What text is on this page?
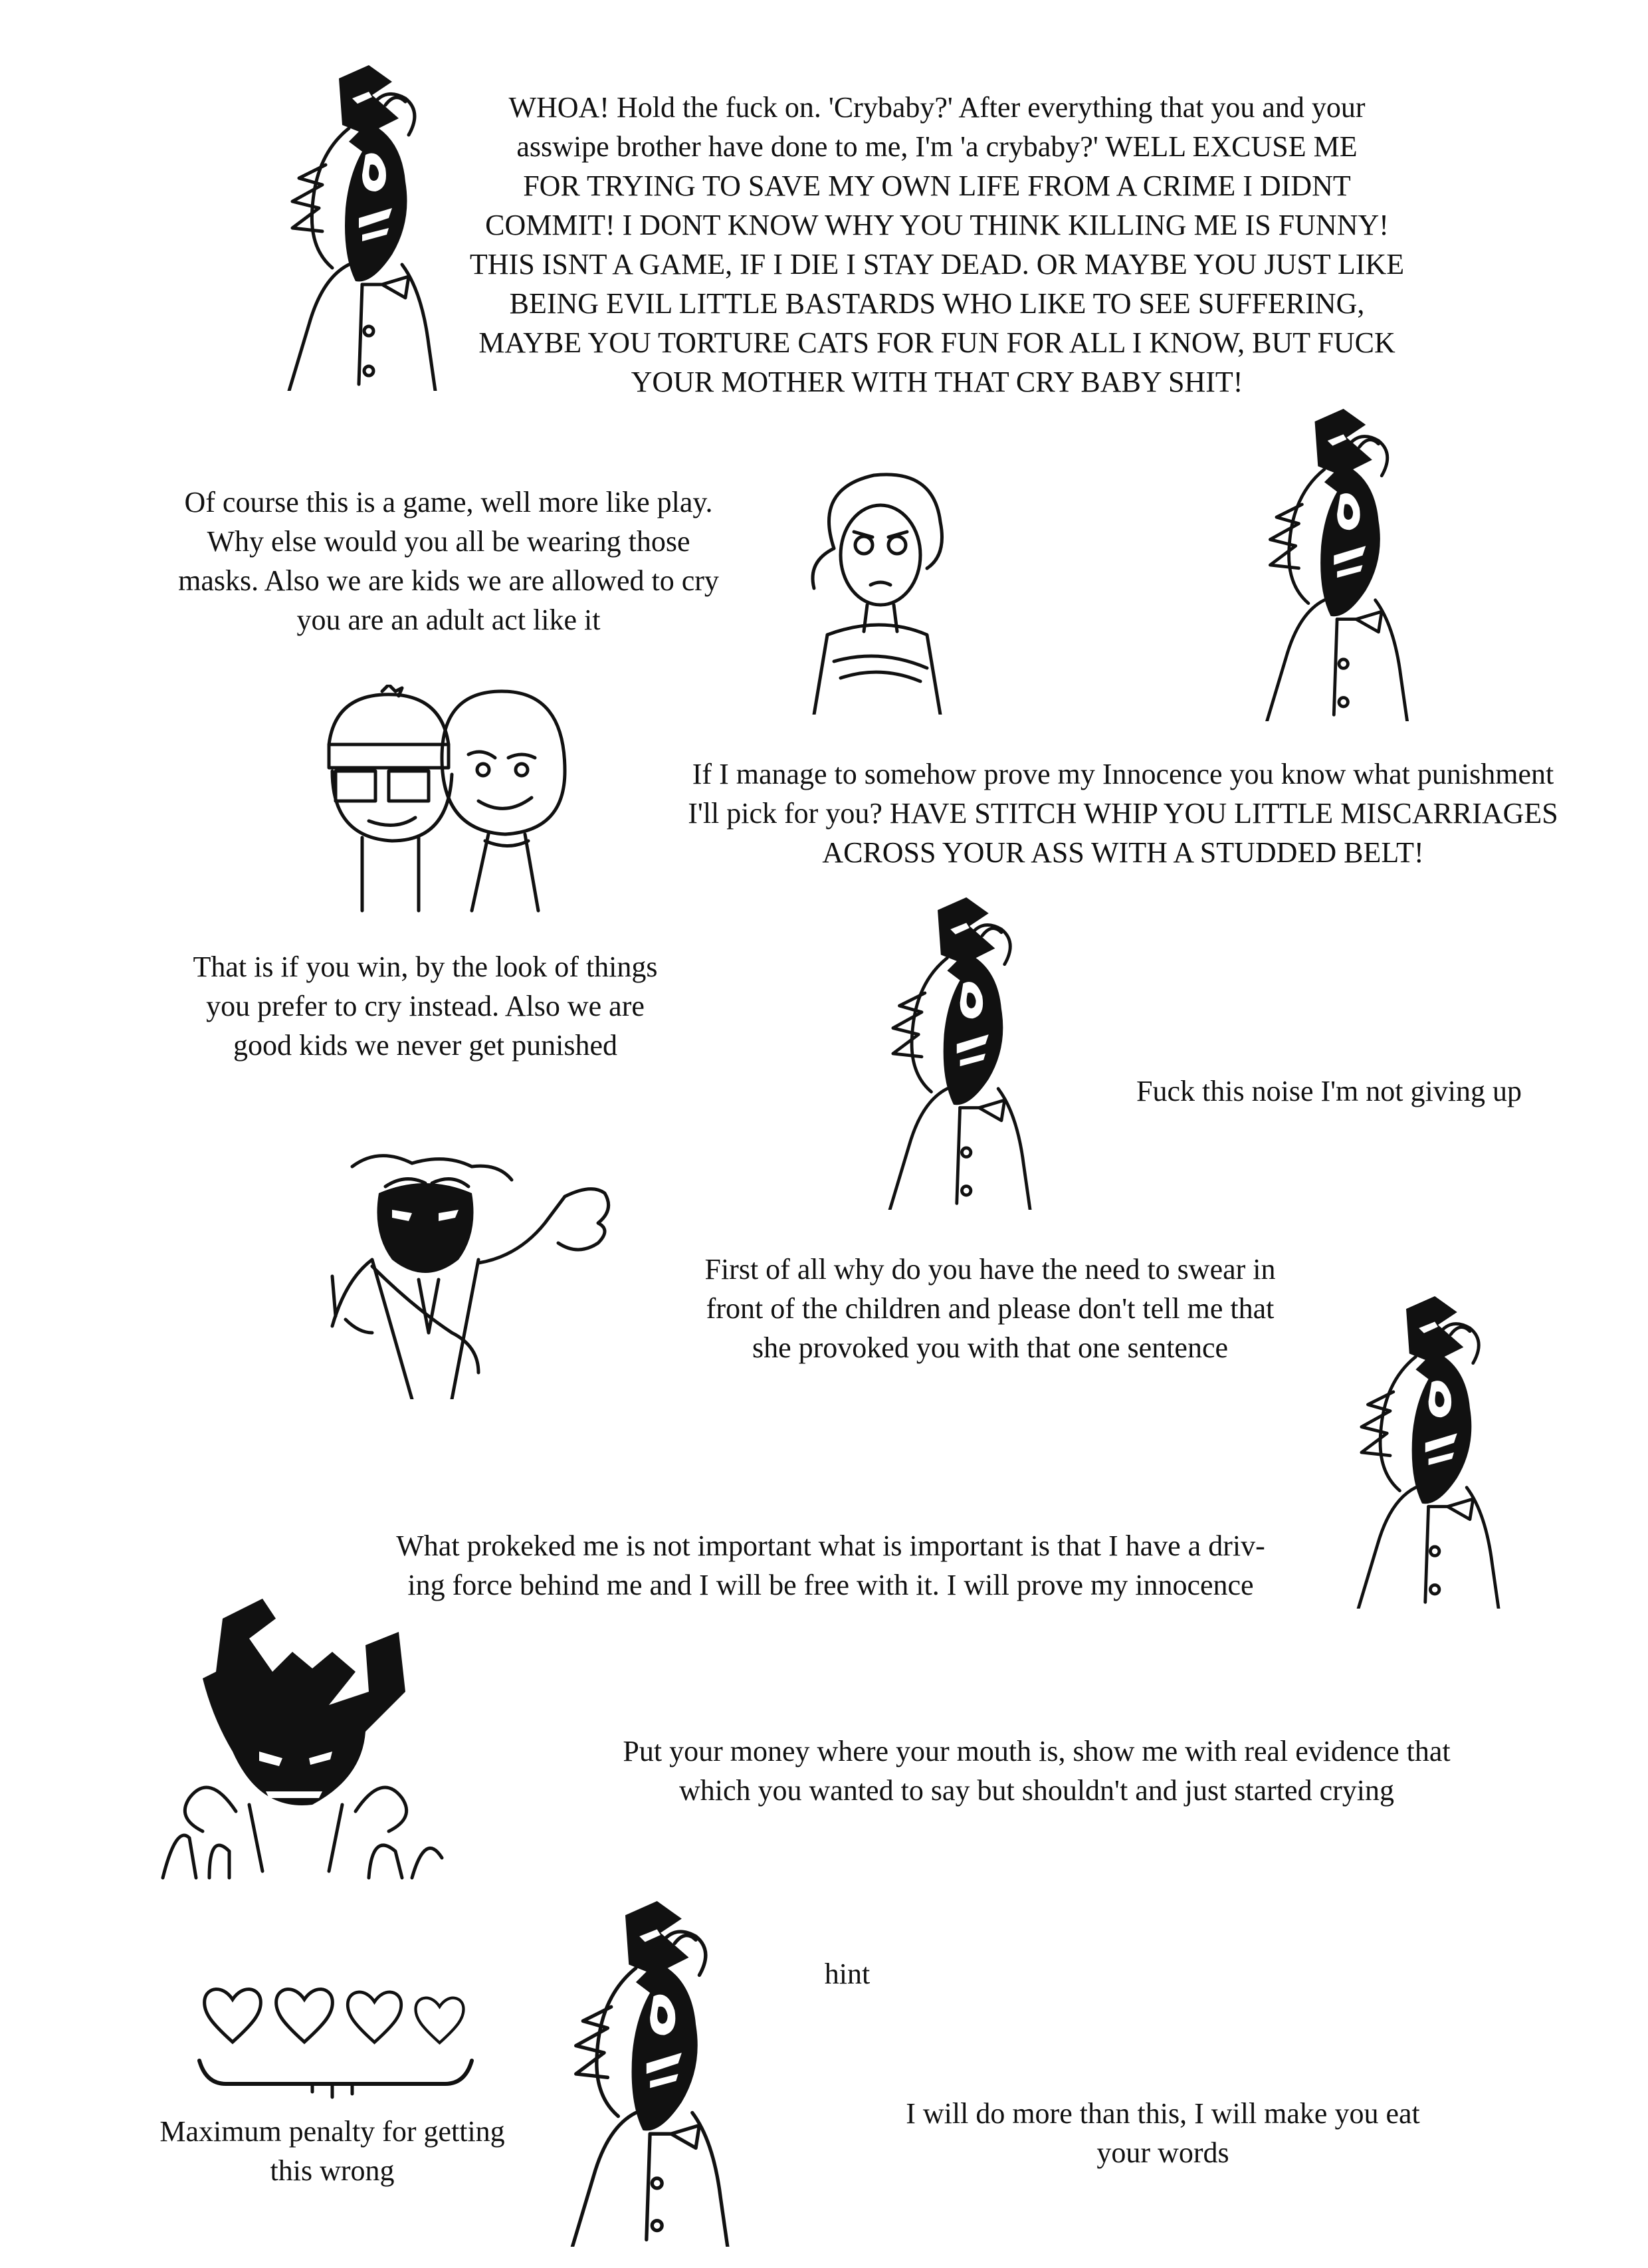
WHOA! Hold the fuck on. 'Crybaby?' After everything that you and your
asswipe brother have done to me, I'm 'a crybaby?' WELL EXCUSE ME
FOR TRYING TO SAVE MY OWN LIFE FROM A CRIME I DIDNT
COMMIT! I DONT KNOW WHY YOU THINK KILLING ME IS FUNNY!
THIS ISNT A GAME, IF I DIE I STAY DEAD. OR MAYBE YOU JUST LIKE
BEING EVIL LITTLE BASTARDS WHO LIKE TO SEE SUFFERING,
MAYBE YOU TORTURE CATS FOR FUN FOR ALL I KNOW, BUT FUCK
YOUR MOTHER WITH THAT CRY BABY SHIT!
Of course this is a game, well more like play.
Why else would you all be wearing those
masks. Also we are kids we are allowed to cry
you are an adult act like it
If I manage to somehow prove my Innocence you know what punishment
I'll pick for you? HAVE STITCH WHIP YOU LITTLE MISCARRIAGES
ACROSS YOUR ASS WITH A STUDDED BELT!
That is if you win, by the look of things
you prefer to cry instead. Also we are
good kids we never get punished
Fuck this noise I'm not giving up
First of all why do you have the need to swear in
front of the children and please don't tell me that
she provoked you with that one sentence
What prokeked me is not important what is important is that I have a driv-
ing force behind me and I will be free with it. I will prove my innocence
Put your money where your mouth is, show me with real evidence that
which you wanted to say but shouldn't and just started crying
hint
Maximum penalty for getting
this wrong
I will do more than this, I will make you eat
your words
